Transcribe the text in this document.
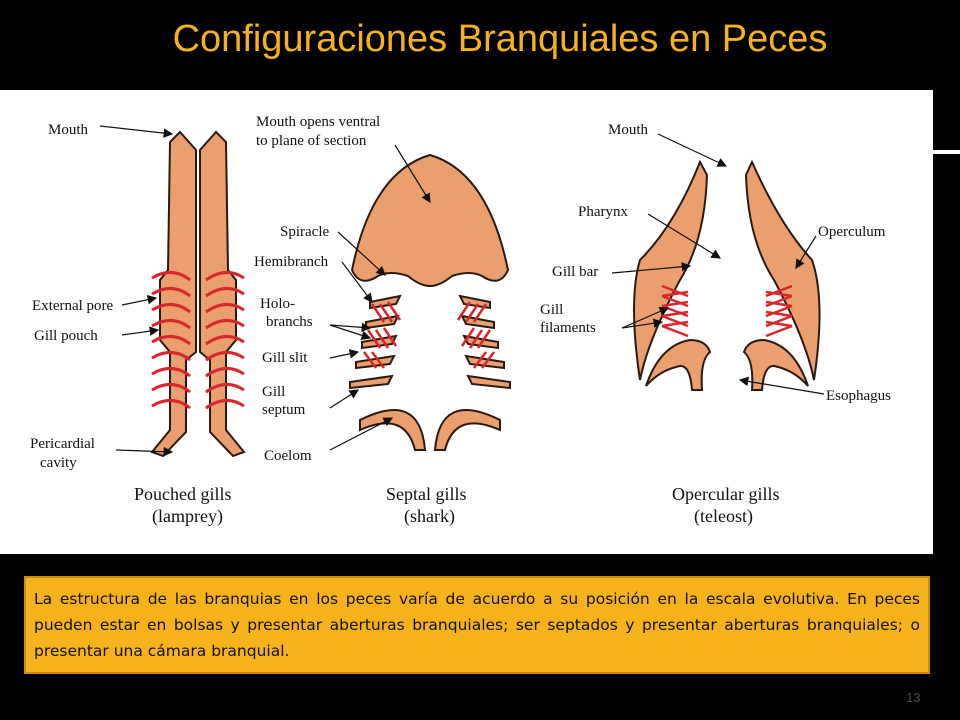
Configuraciones Branquiales en Peces
Mouth
External pore
Gill pouch
Pericardial
cavity
Pouched gills
(lamprey)
Mouth opens ventral
to plane of section
Spiracle
Hemibranch
Holo-
branchs
Gill slit
Gill
septum
Coelom
Septal gills
(shark)
Mouth
Pharynx
Operculum
Gill bar
Gill
filaments
Esophagus
Opercular gills
(teleost)
La estructura de las branquias en los peces varía de acuerdo a su posición en la escala evolutiva. En peces pueden estar en bolsas y presentar aberturas branquiales; ser septados y presentar aberturas branquiales; o presentar una cámara branquial.
13
